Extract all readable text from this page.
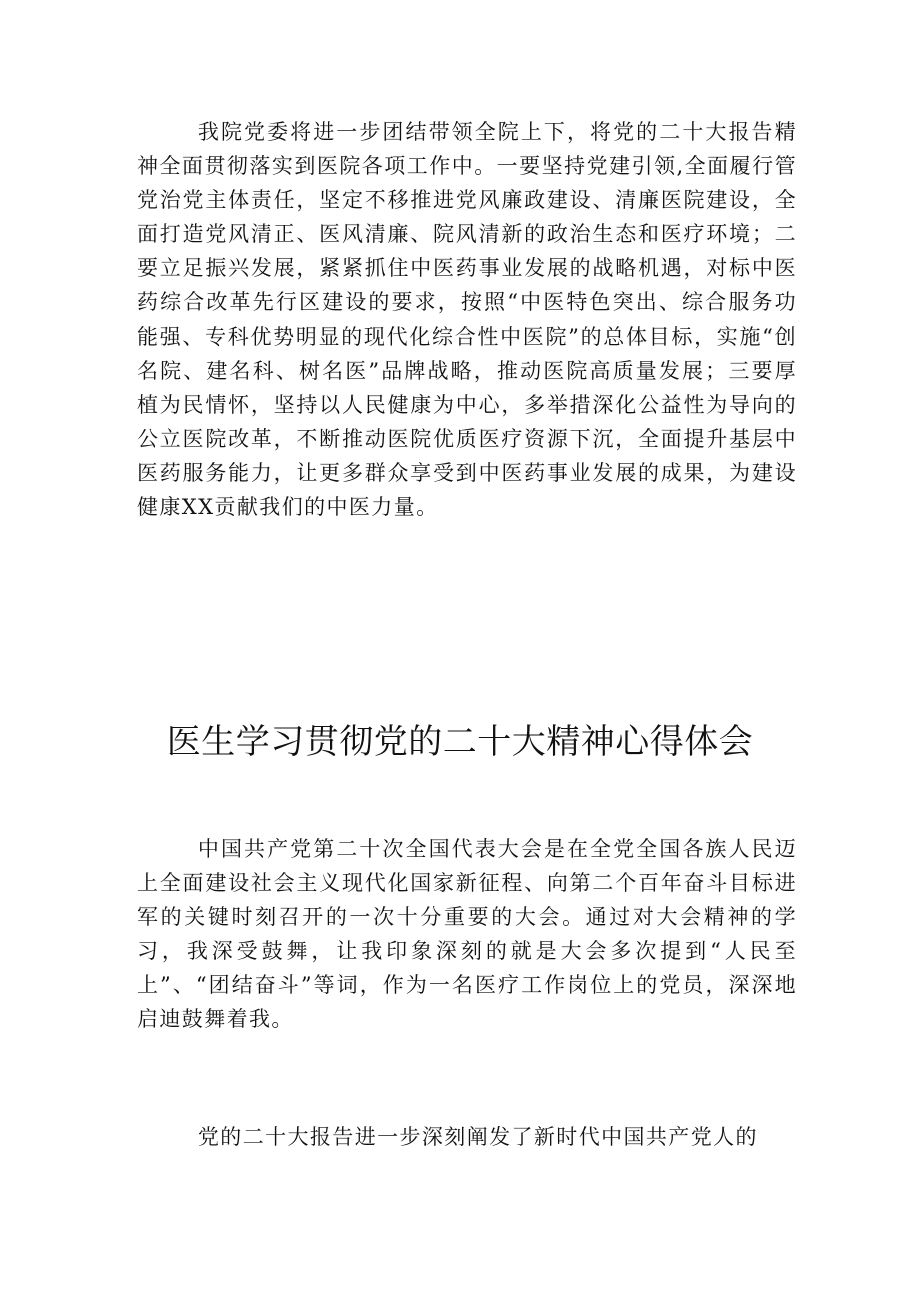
我院党委将进一步团结带领全院上下，将党的二十大报告精神全面贯彻落实到医院各项工作中。一要坚持党建引领,全面履行管党治党主体责任，坚定不移推进党风廉政建设、清廉医院建设，全面打造党风清正、医风清廉、院风清新的政治生态和医疗环境；二要立足振兴发展，紧紧抓住中医药事业发展的战略机遇，对标中医药综合改革先行区建设的要求，按照“中医特色突出、综合服务功能强、专科优势明显的现代化综合性中医院”的总体目标，实施“创名院、建名科、树名医”品牌战略，推动医院高质量发展；三要厚植为民情怀，坚持以人民健康为中心，多举措深化公益性为导向的公立医院改革，不断推动医院优质医疗资源下沉，全面提升基层中医药服务能力，让更多群众享受到中医药事业发展的成果，为建设健康XX贡献我们的中医力量。

医生学习贯彻党的二十大精神心得体会

中国共产党第二十次全国代表大会是在全党全国各族人民迈上全面建设社会主义现代化国家新征程、向第二个百年奋斗目标进军的关键时刻召开的一次十分重要的大会。通过对大会精神的学习，我深受鼓舞，让我印象深刻的就是大会多次提到“人民至上”、“团结奋斗”等词，作为一名医疗工作岗位上的党员，深深地启迪鼓舞着我。

党的二十大报告进一步深刻阐发了新时代中国共产党人的
